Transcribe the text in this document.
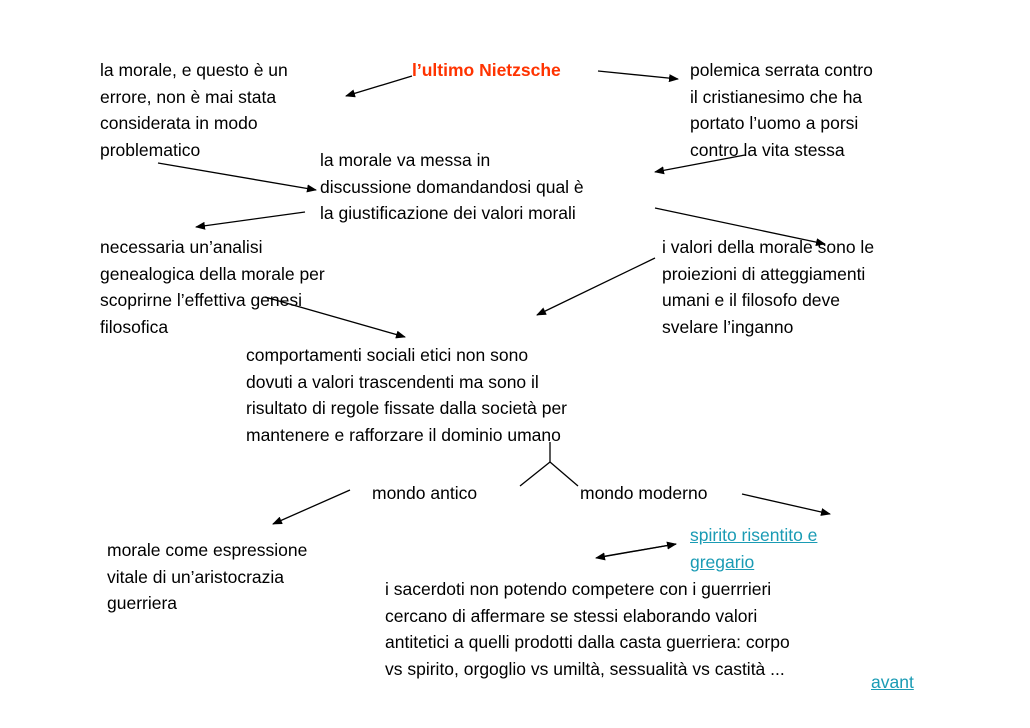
l’ultimo Nietzsche
la morale, e questo è un
errore, non è mai stata
considerata in modo
problematico
polemica serrata contro
il cristianesimo che ha
portato l’uomo a porsi
contro la vita stessa
la morale va messa in
discussione domandandosi qual è
la giustificazione dei valori morali
necessaria un’analisi
genealogica della morale per
scoprirne l’effettiva genesi
filosofica
i valori della morale sono le
proiezioni di atteggiamenti
umani e il filosofo deve
svelare l’inganno
comportamenti sociali etici non sono
dovuti a valori trascendenti ma sono il
risultato di regole fissate dalla società per
mantenere e rafforzare il dominio umano
mondo antico	mondo moderno
morale come espressione
vitale di un’aristocrazia
guerriera
spirito risentito e
gregario
i sacerdoti non potendo competere con i guerrrieri
cercano di affermare se stessi elaborando valori
antitetici a quelli prodotti dalla casta guerriera: corpo
vs spirito, orgoglio vs umiltà, sessualità vs castità ...
avant
